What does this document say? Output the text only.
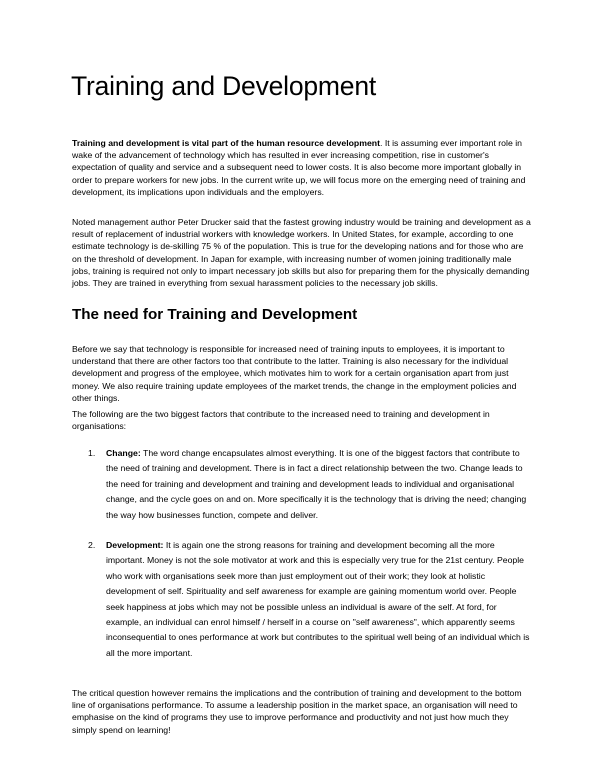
Training and Development

Training and development is vital part of the human resource development. It is assuming ever important role in wake of the advancement of technology which has resulted in ever increasing competition, rise in customer's expectation of quality and service and a subsequent need to lower costs. It is also become more important globally in order to prepare workers for new jobs. In the current write up, we will focus more on the emerging need of training and development, its implications upon individuals and the employers.

Noted management author Peter Drucker said that the fastest growing industry would be training and development as a result of replacement of industrial workers with knowledge workers. In United States, for example, according to one estimate technology is de-skilling 75 % of the population. This is true for the developing nations and for those who are on the threshold of development. In Japan for example, with increasing number of women joining traditionally male jobs, training is required not only to impart necessary job skills but also for preparing them for the physically demanding jobs. They are trained in everything from sexual harassment policies to the necessary job skills.

The need for Training and Development

Before we say that technology is responsible for increased need of training inputs to employees, it is important to understand that there are other factors too that contribute to the latter. Training is also necessary for the individual development and progress of the employee, which motivates him to work for a certain organisation apart from just money. We also require training update employees of the market trends, the change in the employment policies and other things.

The following are the two biggest factors that contribute to the increased need to training and development in organisations:

1. Change: The word change encapsulates almost everything. It is one of the biggest factors that contribute to the need of training and development. There is in fact a direct relationship between the two. Change leads to the need for training and development and training and development leads to individual and organisational change, and the cycle goes on and on. More specifically it is the technology that is driving the need; changing the way how businesses function, compete and deliver.
2. Development: It is again one the strong reasons for training and development becoming all the more important. Money is not the sole motivator at work and this is especially very true for the 21st century. People who work with organisations seek more than just employment out of their work; they look at holistic development of self. Spirituality and self awareness for example are gaining momentum world over. People seek happiness at jobs which may not be possible unless an individual is aware of the self. At ford, for example, an individual can enrol himself / herself in a course on "self awareness", which apparently seems inconsequential to ones performance at work but contributes to the spiritual well being of an individual which is all the more important.

The critical question however remains the implications and the contribution of training and development to the bottom line of organisations performance. To assume a leadership position in the market space, an organisation will need to emphasise on the kind of programs they use to improve performance and productivity and not just how much they simply spend on learning!
